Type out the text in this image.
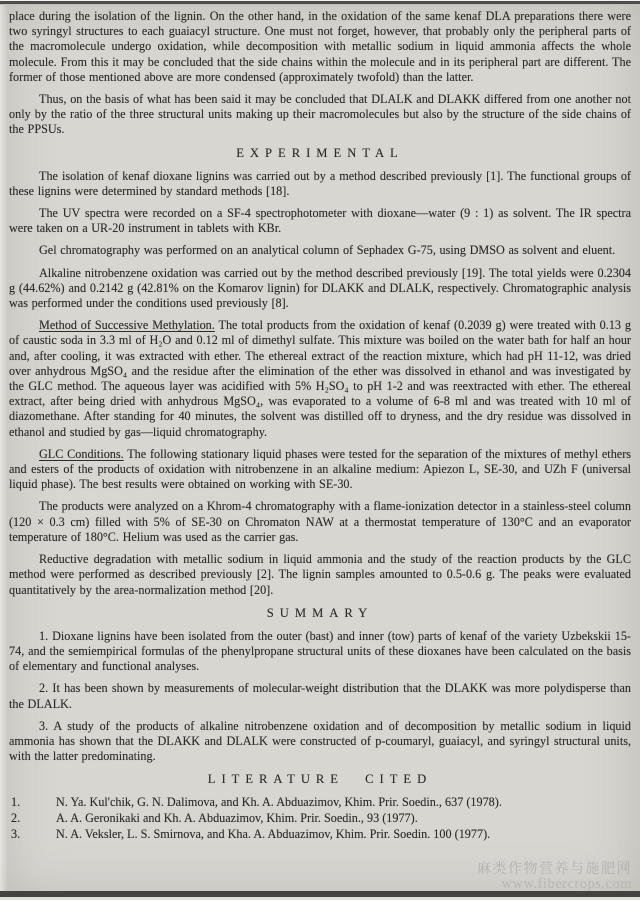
place during the isolation of the lignin. On the other hand, in the oxidation of the same kenaf DLA preparations there were two syringyl structures to each guaiacyl structure. One must not forget, however, that probably only the peripheral parts of the macromolecule undergo oxidation, while decomposition with metallic sodium in liquid ammonia affects the whole molecule. From this it may be concluded that the side chains within the molecule and in its peripheral part are different. The former of those mentioned above are more condensed (approximately twofold) than the latter.

Thus, on the basis of what has been said it may be concluded that DLALK and DLAKK differed from one another not only by the ratio of the three structural units making up their macromolecules but also by the structure of the side chains of the PPSUs.

EXPERIMENTAL

The isolation of kenaf dioxane lignins was carried out by a method described previously [1]. The functional groups of these lignins were determined by standard methods [18].

The UV spectra were recorded on a SF-4 spectrophotometer with dioxane—water (9 : 1) as solvent. The IR spectra were taken on a UR-20 instrument in tablets with KBr.

Gel chromatography was performed on an analytical column of Sephadex G-75, using DMSO as solvent and eluent.

Alkaline nitrobenzene oxidation was carried out by the method described previously [19]. The total yields were 0.2304 g (44.62%) and 0.2142 g (42.81% on the Komarov lignin) for DLAKK and DLALK, respectively. Chromatographic analysis was performed under the conditions used previously [8].

Method of Successive Methylation. The total products from the oxidation of kenaf (0.2039 g) were treated with 0.13 g of caustic soda in 3.3 ml of H₂O and 0.12 ml of dimethyl sulfate. This mixture was boiled on the water bath for half an hour and, after cooling, it was extracted with ether. The ethereal extract of the reaction mixture, which had pH 11-12, was dried over anhydrous MgSO₄ and the residue after the elimination of the ether was dissolved in ethanol and was investigated by the GLC method. The aqueous layer was acidified with 5% H₂SO₄ to pH 1-2 and was reextracted with ether. The ethereal extract, after being dried with anhydrous MgSO₄, was evaporated to a volume of 6-8 ml and was treated with 10 ml of diazomethane. After standing for 40 minutes, the solvent was distilled off to dryness, and the dry residue was dissolved in ethanol and studied by gas—liquid chromatography.

GLC Conditions. The following stationary liquid phases were tested for the separation of the mixtures of methyl ethers and esters of the products of oxidation with nitrobenzene in an alkaline medium: Apiezon L, SE-30, and UZh F (universal liquid phase). The best results were obtained on working with SE-30.

The products were analyzed on a Khrom-4 chromatography with a flame-ionization detector in a stainless-steel column (120 × 0.3 cm) filled with 5% of SE-30 on Chromaton NAW at a thermostat temperature of 130°C and an evaporator temperature of 180°C. Helium was used as the carrier gas.

Reductive degradation with metallic sodium in liquid ammonia and the study of the reaction products by the GLC method were performed as described previously [2]. The lignin samples amounted to 0.5-0.6 g. The peaks were evaluated quantitatively by the area-normalization method [20].

SUMMARY

1. Dioxane lignins have been isolated from the outer (bast) and inner (tow) parts of kenaf of the variety Uzbekskii 15-74, and the semiempirical formulas of the phenylpropane structural units of these dioxanes have been calculated on the basis of elementary and functional analyses.

2. It has been shown by measurements of molecular-weight distribution that the DLAKK was more polydisperse than the DLALK.

3. A study of the products of alkaline nitrobenzene oxidation and of decomposition by metallic sodium in liquid ammonia has shown that the DLAKK and DLALK were constructed of p-coumaryl, guaiacyl, and syringyl structural units, with the latter predominating.

LITERATURE CITED
1.	N. Ya. Kul'chik, G. N. Dalimova, and Kh. A. Abduazimov, Khim. Prir. Soedin., 637 (1978).
2.	A. A. Geronikaki and Kh. A. Abduazimov, Khim. Prir. Soedin., 93 (1977).
3.	N. A. Veksler, L. S. Smirnova, and Kha. A. Abduazimov, Khim. Prir. Soedin. 100 (1977).
麻类作物营养与施肥网
www.fibercrops.com
